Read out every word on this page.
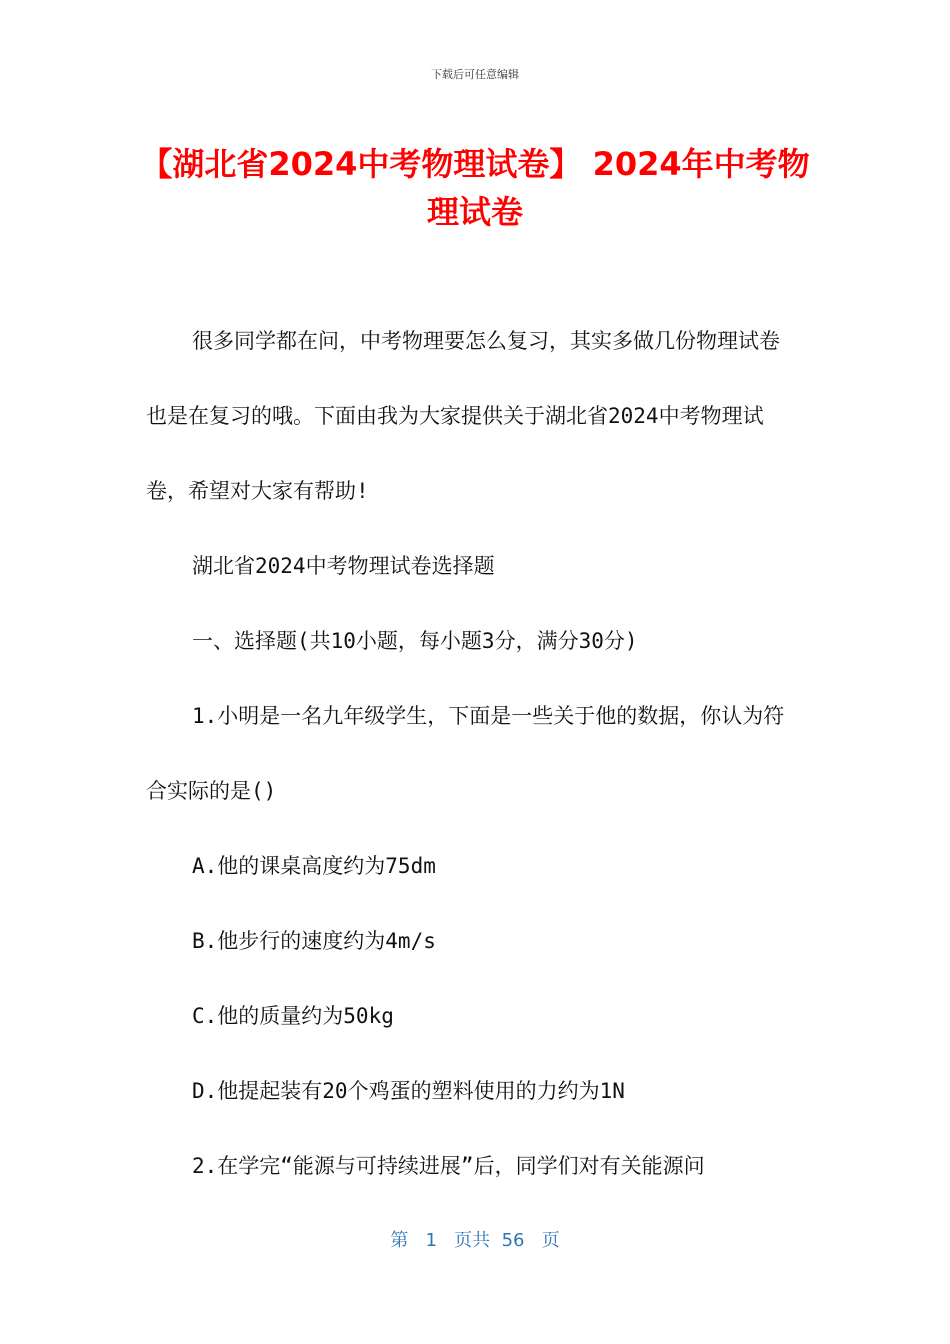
下载后可任意编辑
【湖北省2024中考物理试卷】 2024年中考物理试卷

很多同学都在问，中考物理要怎么复习，其实多做几份物理试卷也是在复习的哦。下面由我为大家提供关于湖北省2024中考物理试卷，希望对大家有帮助!

湖北省2024中考物理试卷选择题

一、选择题(共10小题，每小题3分，满分30分)

1.小明是一名九年级学生，下面是一些关于他的数据，你认为符合实际的是()

A.他的课桌高度约为75dm

B.他步行的速度约为4m/s

C.他的质量约为50kg

D.他提起装有20个鸡蛋的塑料使用的力约为1N

2.在学完“能源与可持续进展”后，同学们对有关能源问

第 1 页共 56 页
